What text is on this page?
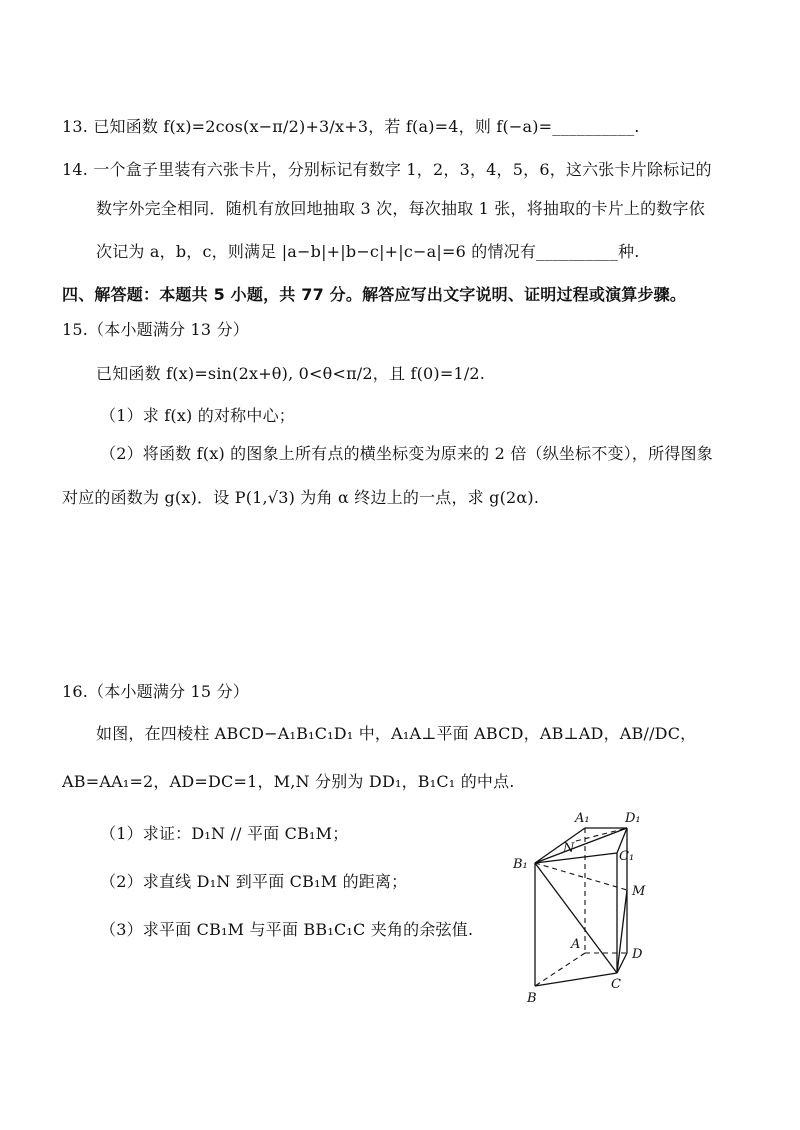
13. 已知函数 f(x)=2cos(x−π/2)+3/x+3，若 f(a)=4，则 f(−a)=__________.
14. 一个盒子里装有六张卡片，分别标记有数字 1，2，3，4，5，6，这六张卡片除标记的
数字外完全相同．随机有放回地抽取 3 次，每次抽取 1 张，将抽取的卡片上的数字依
次记为 a，b，c，则满足 |a−b|+|b−c|+|c−a|=6 的情况有__________种.
四、解答题：本题共 5 小题，共 77 分。解答应写出文字说明、证明过程或演算步骤。
15.（本小题满分 13 分）
已知函数 f(x)=sin(2x+θ), 0<θ<π/2，且 f(0)=1/2.
（1）求 f(x) 的对称中心；
（2）将函数 f(x) 的图象上所有点的横坐标变为原来的 2 倍（纵坐标不变），所得图象
对应的函数为 g(x)．设 P(1,√3) 为角 α 终边上的一点，求 g(2α).
16.（本小题满分 15 分）
如图，在四棱柱 ABCD−A₁B₁C₁D₁ 中，A₁A⊥平面 ABCD，AB⊥AD，AB//DC，
AB=AA₁=2，AD=DC=1，M,N 分别为 DD₁，B₁C₁ 的中点.
（1）求证：D₁N // 平面 CB₁M；
（2）求直线 D₁N 到平面 CB₁M 的距离；
（3）求平面 CB₁M 与平面 BB₁C₁C 夹角的余弦值.
A₁	D₁
N
C₁
B₁
M
A
D
C
B
